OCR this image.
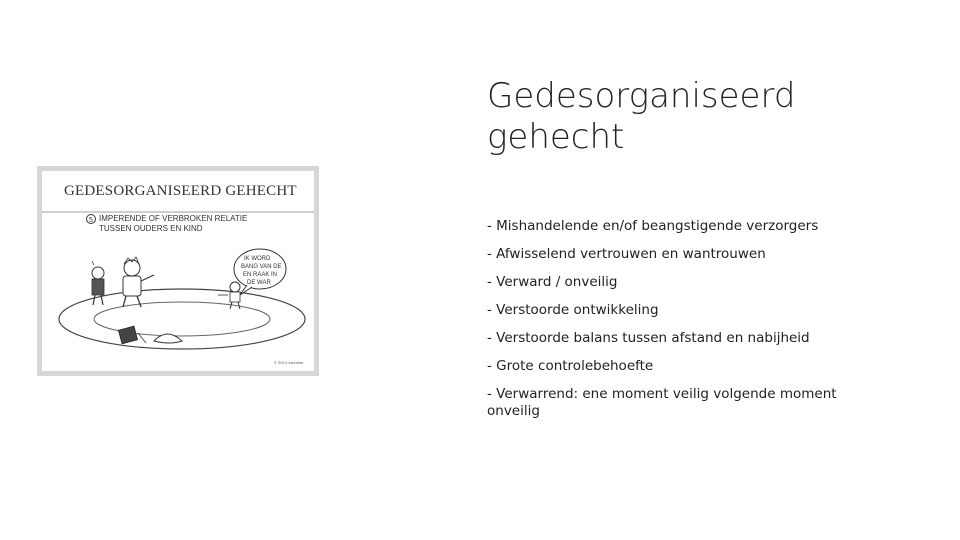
GEDESORGANISEERD GEHECHT
5 IMPERENDE OF VERBROKEN RELATIE
TUSSEN OUDERS EN KIND
IK WORD
BANG VAN DE
EN RAAK IN
DE WAR
© 2014 Jonneke
Gedesorganiseerd
gehecht
- Mishandelende en/of beangstigende verzorgers
- Afwisselend vertrouwen en wantrouwen
- Verward / onveilig
- Verstoorde ontwikkeling
- Verstoorde balans tussen afstand en nabijheid
- Grote controlebehoefte
- Verwarrend: ene moment veilig volgende moment onveilig
